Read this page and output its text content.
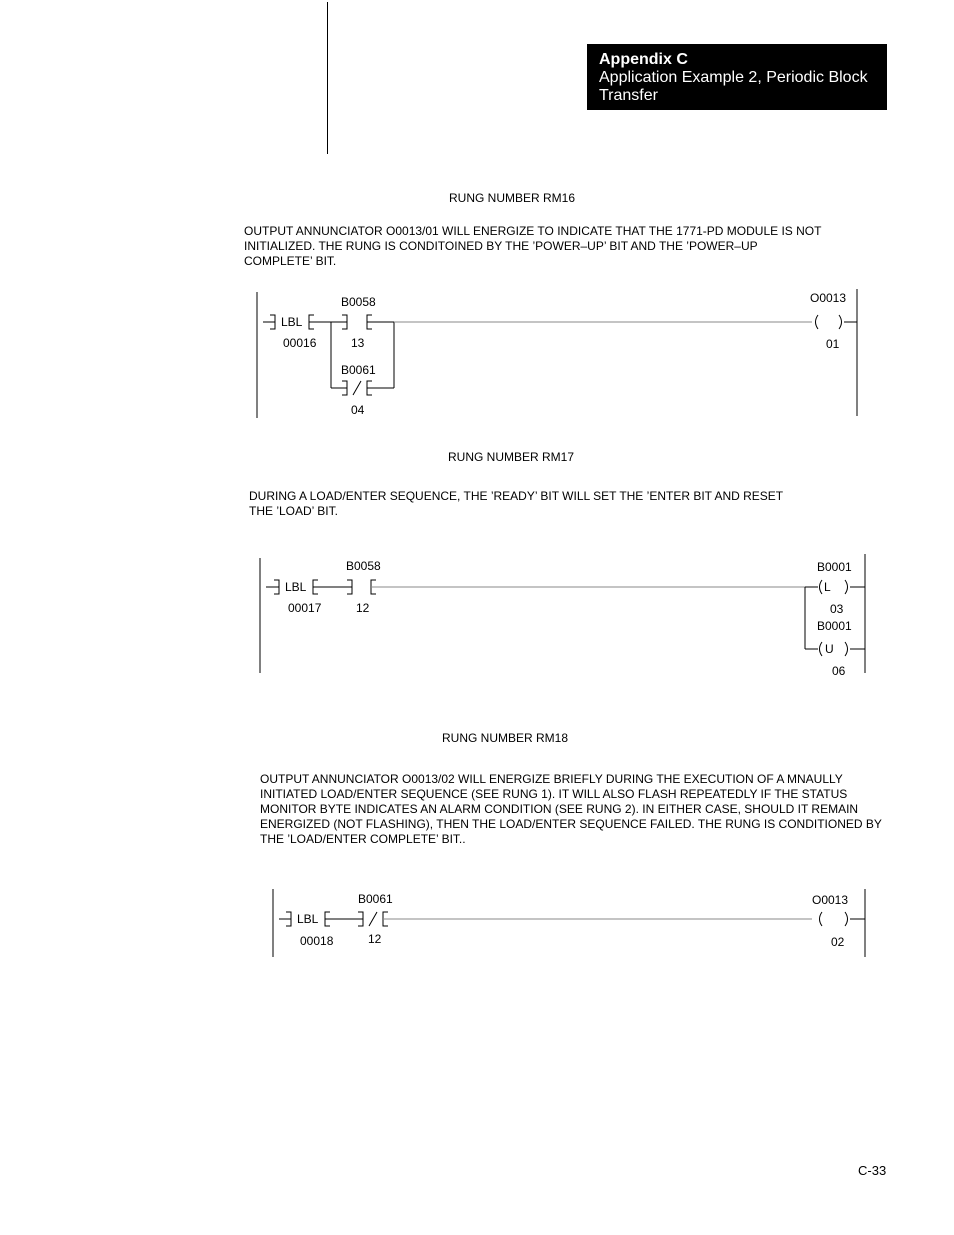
Appendix C
Application Example 2, Periodic Block Transfer
RUNG NUMBER RM16
OUTPUT ANNUNCIATOR O0013/01 WILL ENERGIZE TO INDICATE THAT THE 1771-PD MODULE IS NOT INITIALIZED. THE RUNG IS CONDITOINED BY THE ’POWER–UP’ BIT AND THE ’POWER–UP COMPLETE’ BIT.
RUNG NUMBER RM17
DURING A LOAD/ENTER SEQUENCE, THE ’READY’ BIT WILL SET THE ’ENTER BIT AND RESET THE ’LOAD’ BIT.
RUNG NUMBER RM18
OUTPUT ANNUNCIATOR O0013/02 WILL ENERGIZE BRIEFLY DURING THE EXECUTION OF A MNAULLY INITIATED LOAD/ENTER SEQUENCE (SEE RUNG 1). IT WILL ALSO FLASH REPEATEDLY IF THE STATUS MONITOR BYTE INDICATES AN ALARM CONDITION (SEE RUNG 2). IN EITHER CASE, SHOULD IT REMAIN ENERGIZED (NOT FLASHING), THEN THE LOAD/ENTER SEQUENCE FAILED. THE RUNG IS CONDITIONED BY THE ’LOAD/ENTER COMPLETE’ BIT..
LBL
00016
B0058
13
B0061
04
O0013
01
LBL
00017
B0058
12
L
B0001
03
U
B0001
06
LBL
00018
B0061
12
O0013
02
C-33
